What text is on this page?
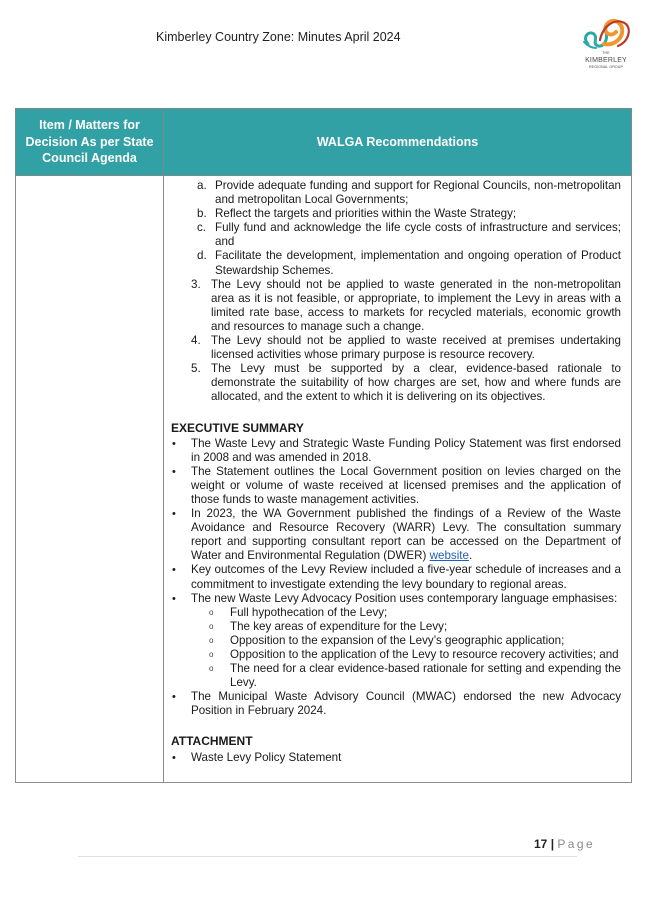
Kimberley Country Zone: Minutes April 2024
THE
KIMBERLEY
REGIONAL GROUP
Item / Matters for Decision As per State Council Agenda	WALGA Recommendations

a. Provide adequate funding and support for Regional Councils, non-metropolitan and metropolitan Local Governments;
b. Reflect the targets and priorities within the Waste Strategy;
c. Fully fund and acknowledge the life cycle costs of infrastructure and services; and
d. Facilitate the development, implementation and ongoing operation of Product Stewardship Schemes.
3. The Levy should not be applied to waste generated in the non-metropolitan area as it is not feasible, or appropriate, to implement the Levy in areas with a limited rate base, access to markets for recycled materials, economic growth and resources to manage such a change.
4. The Levy should not be applied to waste received at premises undertaking licensed activities whose primary purpose is resource recovery.
5. The Levy must be supported by a clear, evidence-based rationale to demonstrate the suitability of how charges are set, how and where funds are allocated, and the extent to which it is delivering on its objectives.
EXECUTIVE SUMMARY
• The Waste Levy and Strategic Waste Funding Policy Statement was first endorsed in 2008 and was amended in 2018.
• The Statement outlines the Local Government position on levies charged on the weight or volume of waste received at licensed premises and the application of those funds to waste management activities.
• In 2023, the WA Government published the findings of a Review of the Waste Avoidance and Resource Recovery (WARR) Levy. The consultation summary report and supporting consultant report can be accessed on the Department of Water and Environmental Regulation (DWER) website.
• Key outcomes of the Levy Review included a five-year schedule of increases and a commitment to investigate extending the levy boundary to regional areas.
• The new Waste Levy Advocacy Position uses contemporary language emphasises:
o Full hypothecation of the Levy;
o The key areas of expenditure for the Levy;
o Opposition to the expansion of the Levy’s geographic application;
o Opposition to the application of the Levy to resource recovery activities; and
o The need for a clear evidence-based rationale for setting and expending the Levy.
• The Municipal Waste Advisory Council (MWAC) endorsed the new Advocacy Position in February 2024.
ATTACHMENT
• Waste Levy Policy Statement
17 | Page
